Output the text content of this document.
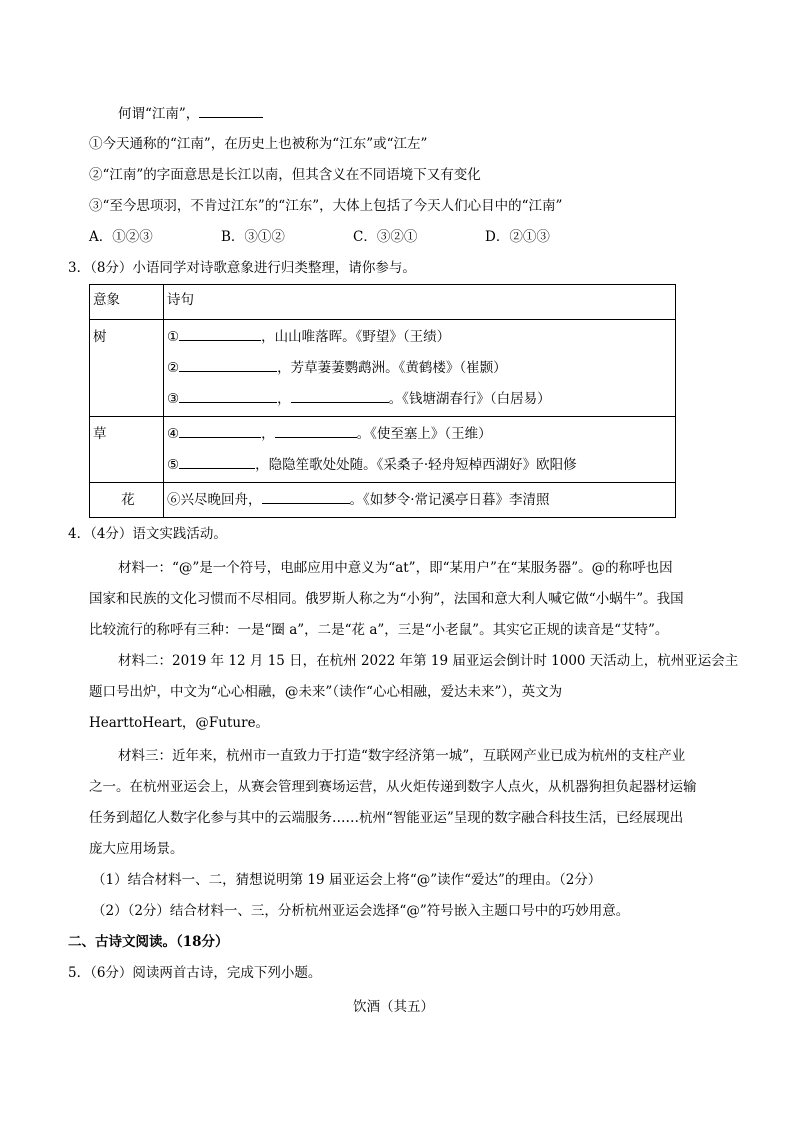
何谓“江南”，
①今天通称的“江南”，在历史上也被称为“江东”或“江左”
②“江南”的字面意思是长江以南，但其含义在不同语境下又有变化
③“至今思项羽，不肯过江东”的“江东”，大体上包括了今天人们心目中的“江南”
A．①②③	B．③①②	C．③②①	D．②①③
3．（8分）小语同学对诗歌意象进行归类整理，请你参与。
意象	诗句

树	① ，山山唯落晖。《野望》（王绩）
② ，芳草萋萋鹦鹉洲。《黄鹤楼》（崔颢）
③ ， 。《钱塘湖春行》（白居易）

草	④ ， 。《使至塞上》（王维）
⑤ ，隐隐笙歌处处随。《采桑子·轻舟短棹西湖好》欧阳修

花	⑥兴尽晚回舟， 。《如梦令·常记溪亭日暮》李清照
4．（4分）语文实践活动。
材料一：“@”是一个符号，电邮应用中意义为“at”，即“某用户”在“某服务器”。@的称呼也因
国家和民族的文化习惯而不尽相同。俄罗斯人称之为“小狗”，法国和意大利人喊它做“小蜗牛”。我国
比较流行的称呼有三种：一是“圈 a”，二是“花 a”，三是“小老鼠”。其实它正规的读音是“艾特”。
材料二：2019 年 12 月 15 日，在杭州 2022 年第 19 届亚运会倒计时 1000 天活动上，杭州亚运会主
题口号出炉，中文为“心心相融，@未来”（读作“心心相融，爱达未来”），英文为
HearttoHeart，@Future。
材料三：近年来，杭州市一直致力于打造“数字经济第一城”，互联网产业已成为杭州的支柱产业
之一。在杭州亚运会上，从赛会管理到赛场运营，从火炬传递到数字人点火，从机器狗担负起器材运输
任务到超亿人数字化参与其中的云端服务……杭州“智能亚运”呈现的数字融合科技生活，已经展现出
庞大应用场景。
（1）结合材料一、二，猜想说明第 19 届亚运会上将“@”读作“爱达”的理由。（2分）
（2）（2分）结合材料一、三，分析杭州亚运会选择“@”符号嵌入主题口号中的巧妙用意。
二、古诗文阅读。（18分）
5．（6分）阅读两首古诗，完成下列小题。
饮酒（其五）
